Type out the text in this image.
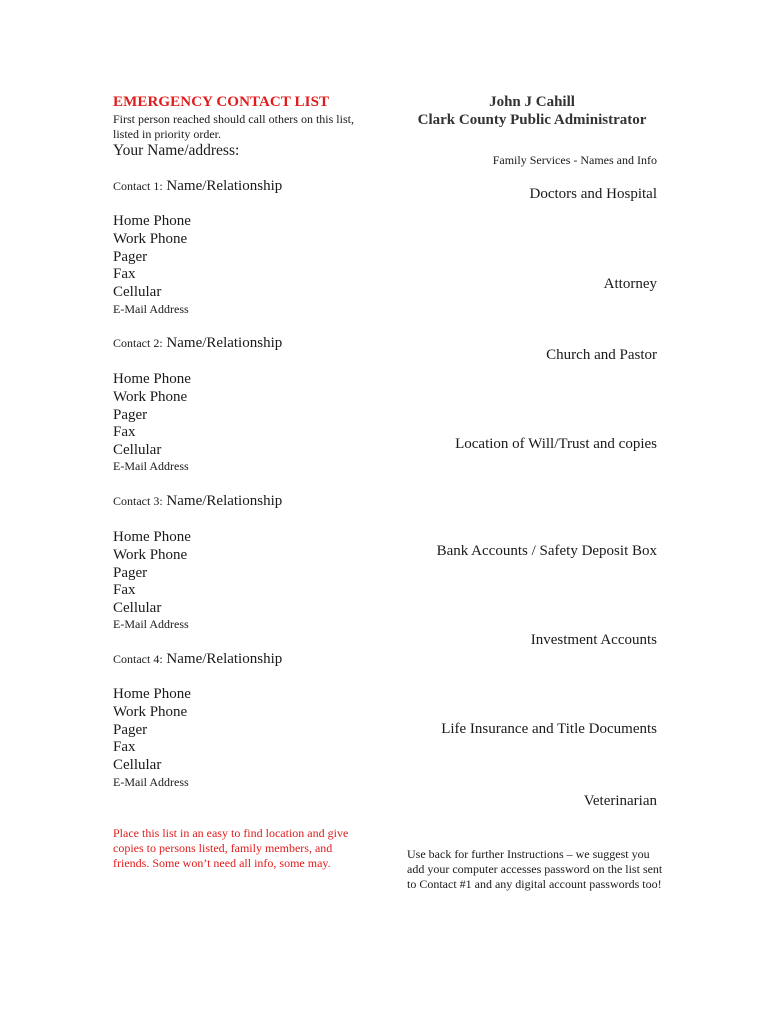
EMERGENCY CONTACT LIST
First person reached should call others on this list, listed in priority order.
Your Name/address:
Contact 1: Name/Relationship
Home Phone
Work Phone
Pager
Fax
Cellular
E-Mail Address
Contact 2: Name/Relationship
Home Phone
Work Phone
Pager
Fax
Cellular
E-Mail Address
Contact 3: Name/Relationship
Home Phone
Work Phone
Pager
Fax
Cellular
E-Mail Address
Contact 4: Name/Relationship
Home Phone
Work Phone
Pager
Fax
Cellular
E-Mail Address
Place this list in an easy to find location and give copies to persons listed, family members, and friends. Some won’t need all info, some may.
John J Cahill
Clark County Public Administrator
Family Services - Names and Info
Doctors and Hospital
Attorney
Church and Pastor
Location of Will/Trust and copies
Bank Accounts / Safety Deposit Box
Investment Accounts
Life Insurance and Title Documents
Veterinarian
Use back for further Instructions – we suggest you add your computer accesses password on the list sent to Contact #1 and any digital account passwords too!
